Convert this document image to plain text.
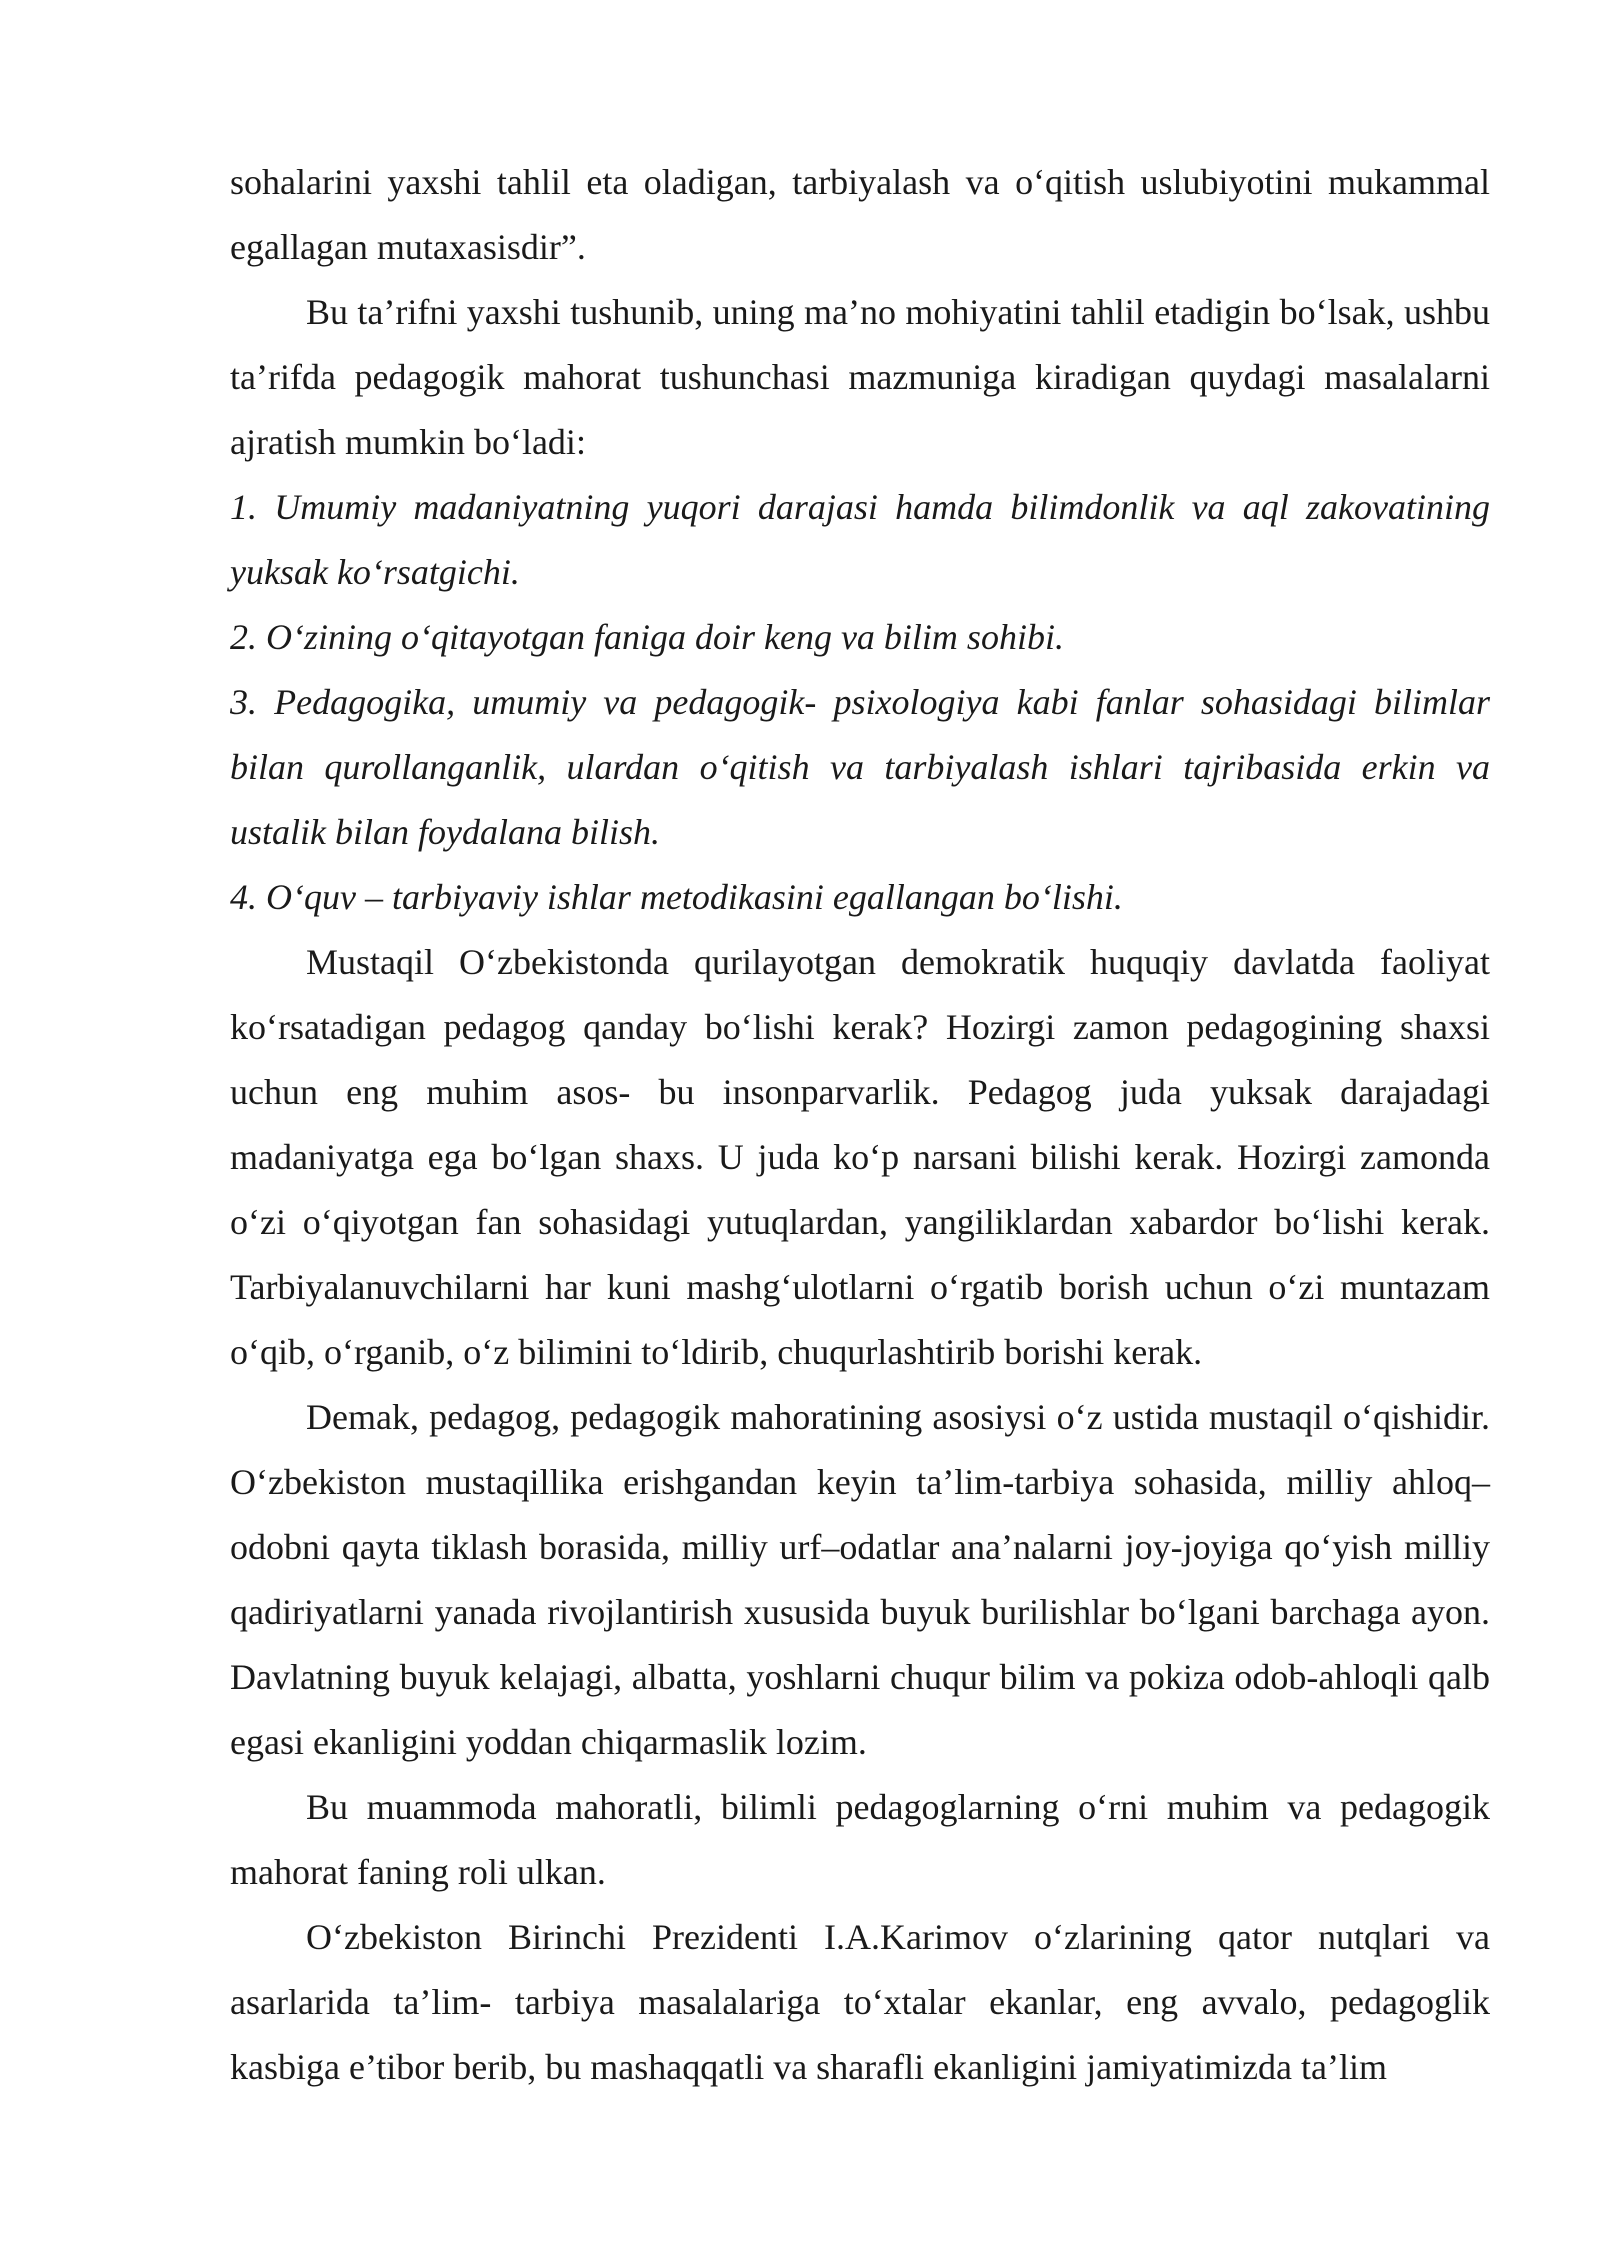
sohalarini yaxshi tahlil eta oladigan, tarbiyalash va o‘qitish uslubiyotini mukammal egallagan mutaxasisdir”.

Bu ta’rifni yaxshi tushunib, uning ma’no mohiyatini tahlil etadigin bo‘lsak, ushbu ta’rifda pedagogik mahorat tushunchasi mazmuniga kiradigan quydagi masalalarni ajratish mumkin bo‘ladi:

1. Umumiy madaniyatning yuqori darajasi hamda bilimdonlik va aql zakovatining yuksak ko‘rsatgichi.

2. O‘zining o‘qitayotgan faniga doir keng va bilim sohibi.

3. Pedagogika, umumiy va pedagogik- psixologiya kabi fanlar sohasidagi bilimlar bilan qurollanganlik, ulardan o‘qitish va tarbiyalash ishlari tajribasida erkin va ustalik bilan foydalana bilish.

4. O‘quv – tarbiyaviy ishlar metodikasini egallangan bo‘lishi.

Mustaqil O‘zbekistonda qurilayotgan demokratik huquqiy davlatda faoliyat ko‘rsatadigan pedagog qanday bo‘lishi kerak? Hozirgi zamon pedagogining shaxsi uchun eng muhim asos- bu insonparvarlik. Pedagog juda yuksak darajadagi madaniyatga ega bo‘lgan shaxs. U juda ko‘p narsani bilishi kerak. Hozirgi zamonda o‘zi o‘qiyotgan fan sohasidagi yutuqlardan, yangiliklardan xabardor bo‘lishi kerak. Tarbiyalanuvchilarni har kuni mashg‘ulotlarni o‘rgatib borish uchun o‘zi muntazam o‘qib, o‘rganib, o‘z bilimini to‘ldirib, chuqurlashtirib borishi kerak.

Demak, pedagog, pedagogik mahoratining asosiysi o‘z ustida mustaqil o‘qishidir. O‘zbekiston mustaqillika erishgandan keyin ta’lim-tarbiya sohasida, milliy ahloq–odobni qayta tiklash borasida, milliy urf–odatlar ana’nalarni joy-joyiga qo‘yish milliy qadiriyatlarni yanada rivojlantirish xususida buyuk burilishlar bo‘lgani barchaga ayon. Davlatning buyuk kelajagi, albatta, yoshlarni chuqur bilim va pokiza odob-ahloqli qalb egasi ekanligini yoddan chiqarmaslik lozim.

Bu muammoda mahoratli, bilimli pedagoglarning o‘rni muhim va pedagogik mahorat faning roli ulkan.

O‘zbekiston Birinchi Prezidenti I.A.Karimov o‘zlarining qator nutqlari va asarlarida ta’lim- tarbiya masalalariga to‘xtalar ekanlar, eng avvalo, pedagoglik kasbiga e’tibor berib, bu mashaqqatli va sharafli ekanligini jamiyatimizda ta’lim
